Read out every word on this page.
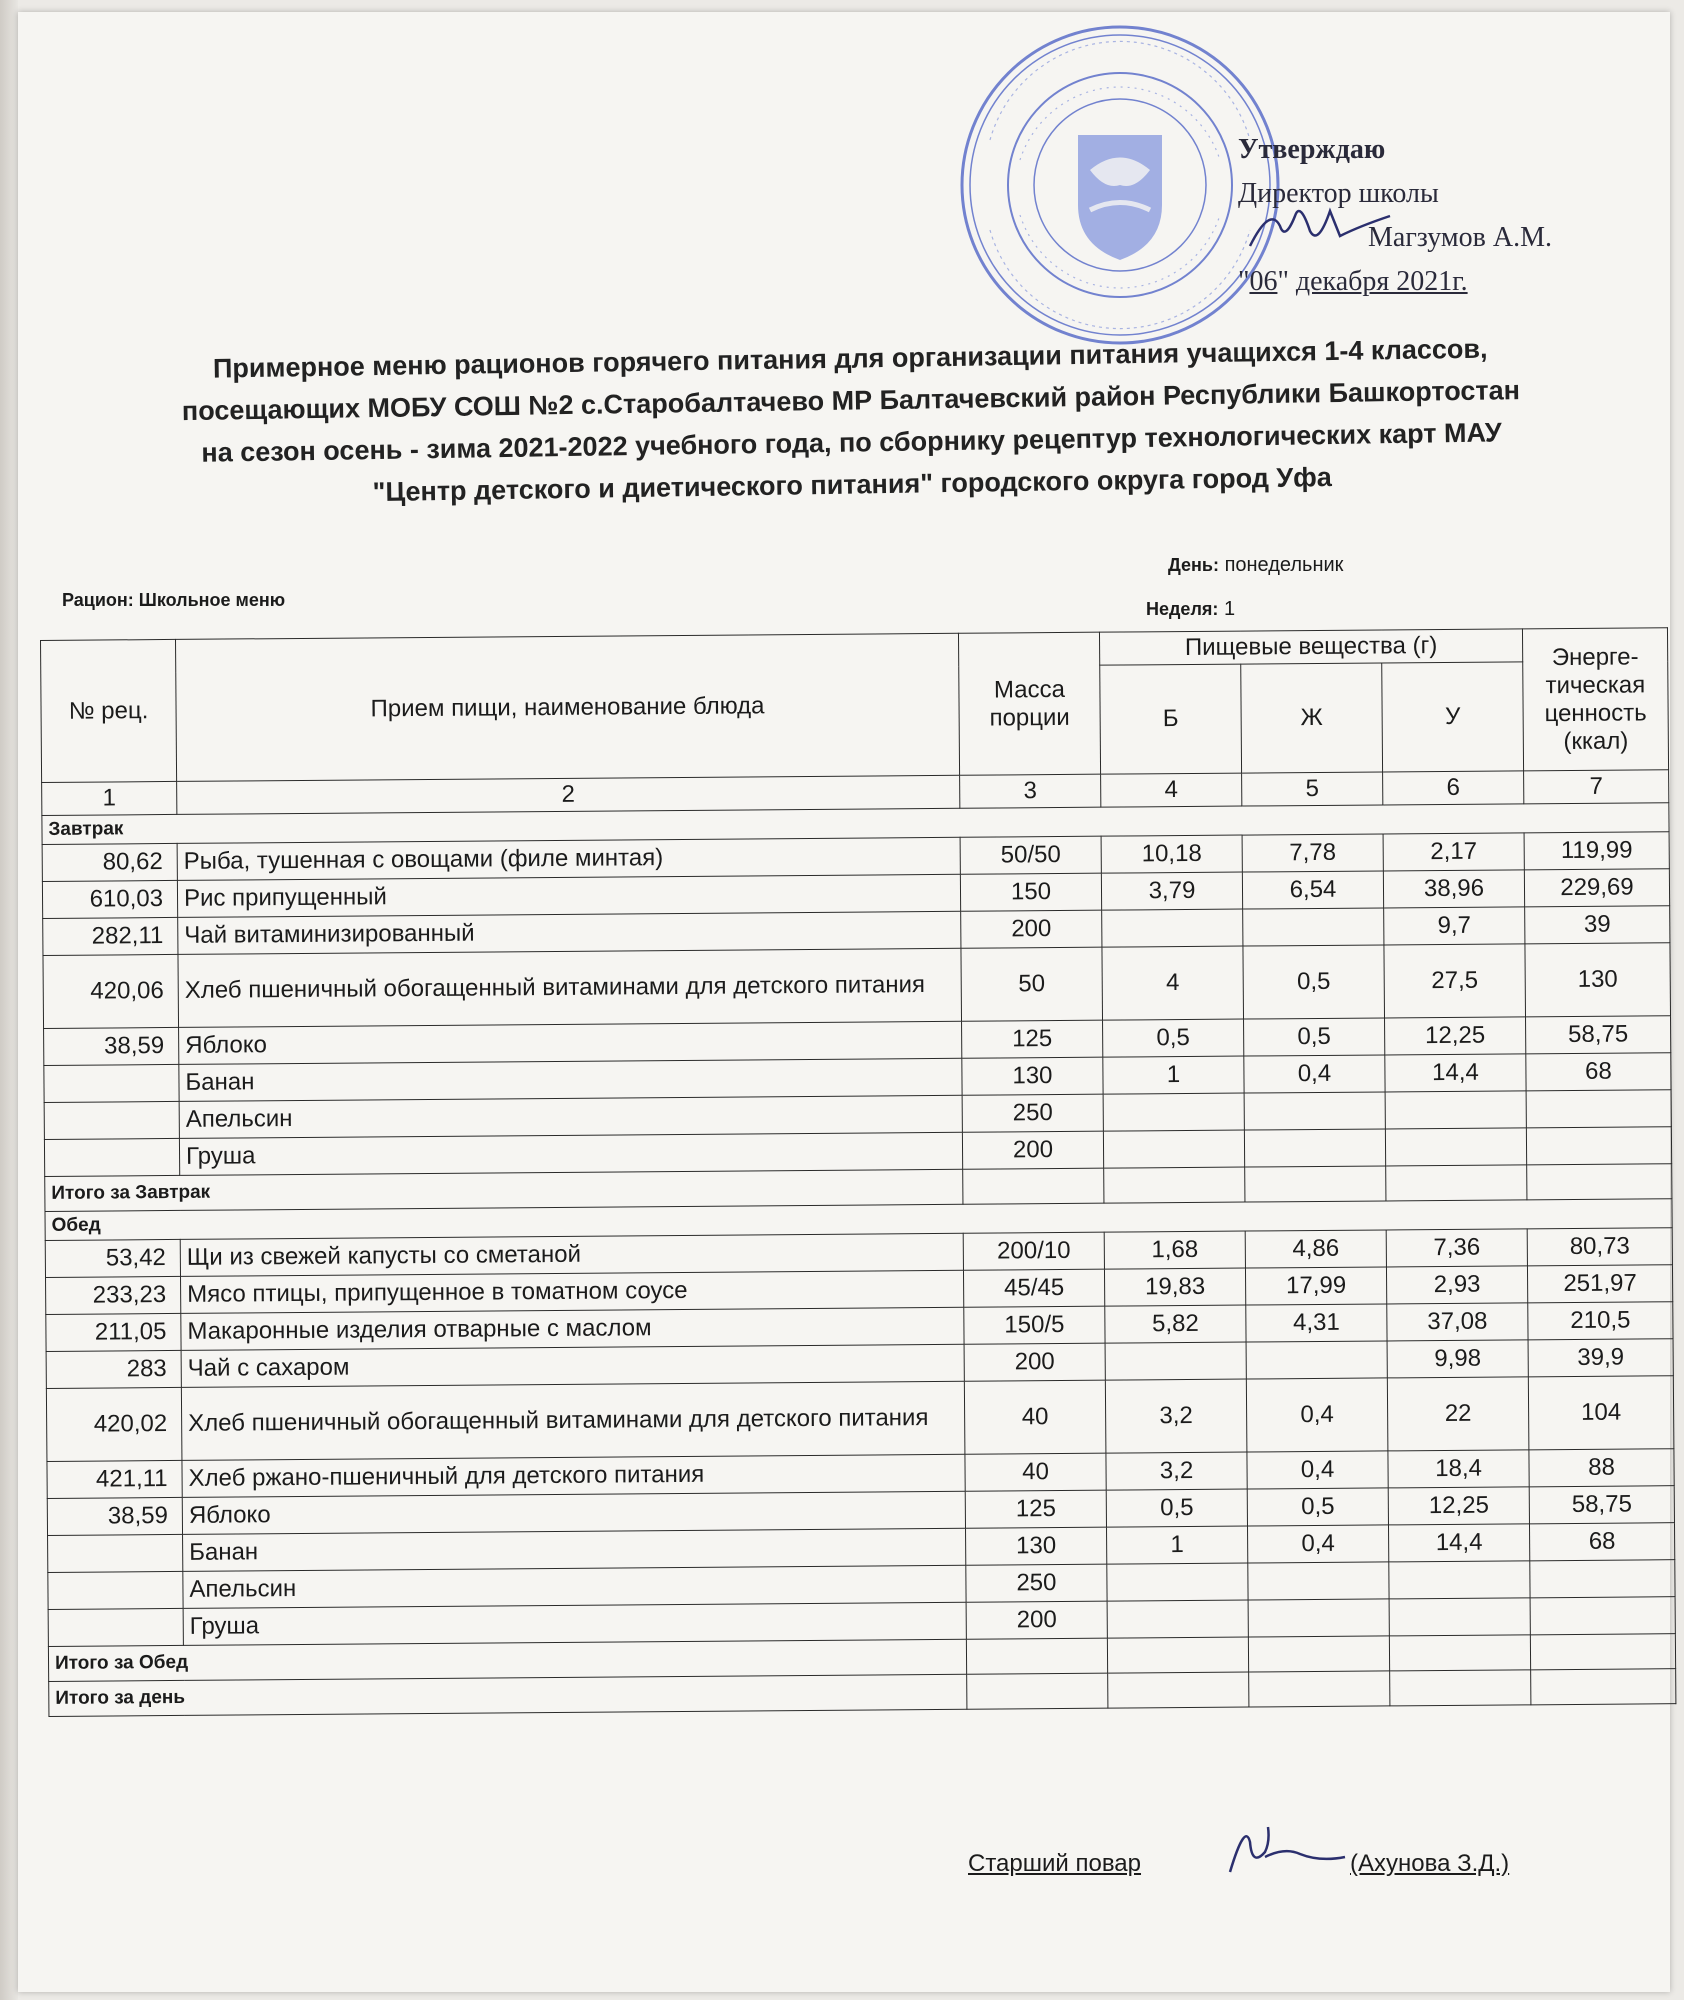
Утверждаю
Директор школы
Магзумов А.М.
"06" декабря 2021г.
Примерное меню рационов горячего питания для организации питания учащихся 1-4 классов,
посещающих МОБУ СОШ №2 с.Старобалтачево МР Балтачевский район Республики Башкортостан
на сезон осень - зима 2021-2022 учебного года, по сборнику рецептур технологических карт МАУ
"Центр детского и диетического питания" городского округа город Уфа
Рацион: Школьное меню
День: понедельник
Неделя: 1
№ рец.	Прием пищи, наименование блюда	Масса порции	Пищевые вещества (г)			Энерге-тическая ценность (ккал)
			Б	Ж	У	
1	2	3	4	5	6	7
Завтрак						
80,62	Рыба, тушенная с овощами (филе минтая)	50/50	10,18	7,78	2,17	119,99
610,03	Рис припущенный	150	3,79	6,54	38,96	229,69
282,11	Чай витаминизированный	200			9,7	39
420,06	Хлеб пшеничный обогащенный витаминами для детского питания	50	4	0,5	27,5	130
38,59	Яблоко	125	0,5	0,5	12,25	58,75
	Банан	130	1	0,4	14,4	68
	Апельсин	250				
	Груша	200				
Итого за Завтрак						
Обед						
53,42	Щи из свежей капусты со сметаной	200/10	1,68	4,86	7,36	80,73
233,23	Мясо птицы, припущенное в томатном соусе	45/45	19,83	17,99	2,93	251,97
211,05	Макаронные изделия отварные с маслом	150/5	5,82	4,31	37,08	210,5
283	Чай с сахаром	200			9,98	39,9
420,02	Хлеб пшеничный обогащенный витаминами для детского питания	40	3,2	0,4	22	104
421,11	Хлеб ржано-пшеничный для детского питания	40	3,2	0,4	18,4	88
38,59	Яблоко	125	0,5	0,5	12,25	58,75
	Банан	130	1	0,4	14,4	68
	Апельсин	250				
	Груша	200				
Итого за Обед						
Итого за день						
Старший повар	(Ахунова З.Д.)
